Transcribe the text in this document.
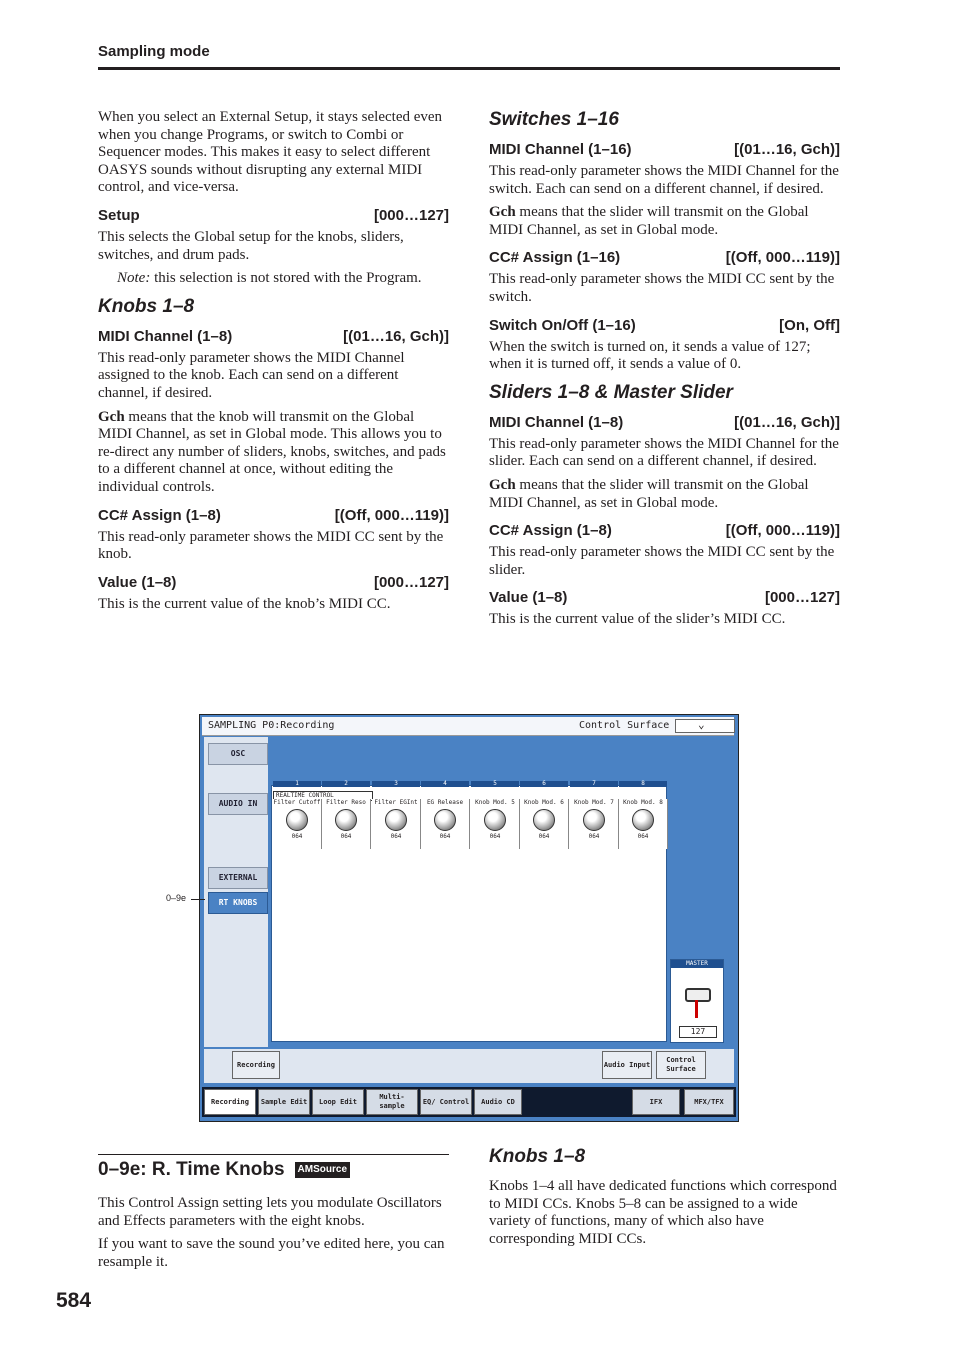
Sampling mode

When you select an External Setup, it stays selected even when you change Programs, or switch to Combi or Sequencer modes. This makes it easy to select different OASYS sounds without disrupting any external MIDI control, and vice-versa.

Setup	[000…127]

This selects the Global setup for the knobs, sliders, switches, and drum pads.

Note: this selection is not stored with the Program.

Knobs 1–8
MIDI Channel (1–8)	[(01…16, Gch)]

This read-only parameter shows the MIDI Channel assigned to the knob. Each can send on a different channel, if desired.

Gch means that the knob will transmit on the Global MIDI Channel, as set in Global mode. This allows you to re-direct any number of sliders, knobs, switches, and pads to a different channel at once, without editing the individual controls.

CC# Assign (1–8)	[(Off, 000…119)]

This read-only parameter shows the MIDI CC sent by the knob.

Value (1–8)	[000…127]

This is the current value of the knob’s MIDI CC.

Switches 1–16
MIDI Channel (1–16)	[(01…16, Gch)]

This read-only parameter shows the MIDI Channel for the switch. Each can send on a different channel, if desired.

Gch means that the slider will transmit on the Global MIDI Channel, as set in Global mode.

CC# Assign (1–16)	[(Off, 000…119)]

This read-only parameter shows the MIDI CC sent by the switch.

Switch On/Off (1–16)	[On, Off]

When the switch is turned on, it sends a value of 127; when it is turned off, it sends a value of 0.

Sliders 1–8 & Master Slider
MIDI Channel (1–8)	[(01…16, Gch)]

This read-only parameter shows the MIDI Channel for the slider. Each can send on a different channel, if desired.

Gch means that the slider will transmit on the Global MIDI Channel, as set in Global mode.

CC# Assign (1–8)	[(Off, 000…119)]

This read-only parameter shows the MIDI CC sent by the slider.

Value (1–8)	[000…127]

This is the current value of the slider’s MIDI CC.

SAMPLING P0:Recording	Control Surface	⌄
OSC
AUDIO IN
EXTERNAL
RT KNOBS
REALTIME CONTROL
1	2	3	4	5	6	7	8
Filter Cutoff
064
Filter Reso
064
Filter EGInt
064
EG Release
064
Knob Mod. 5
064
Knob Mod. 6
064
Knob Mod. 7
064
Knob Mod. 8
064
MASTER
127
Recording	Audio Input
Control Surface
Recording	Sample Edit	Loop Edit
Multi-sample
EQ/ Control	Audio CD	IFX	MFX/TFX
0–9e
0–9e: R. Time Knobs	AMSource

This Control Assign setting lets you modulate Oscillators and Effects parameters with the eight knobs.

If you want to save the sound you’ve edited here, you can resample it.

Knobs 1–8

Knobs 1–4 all have dedicated functions which correspond to MIDI CCs. Knobs 5–8 can be assigned to a wide variety of functions, many of which also have corresponding MIDI CCs.

584
